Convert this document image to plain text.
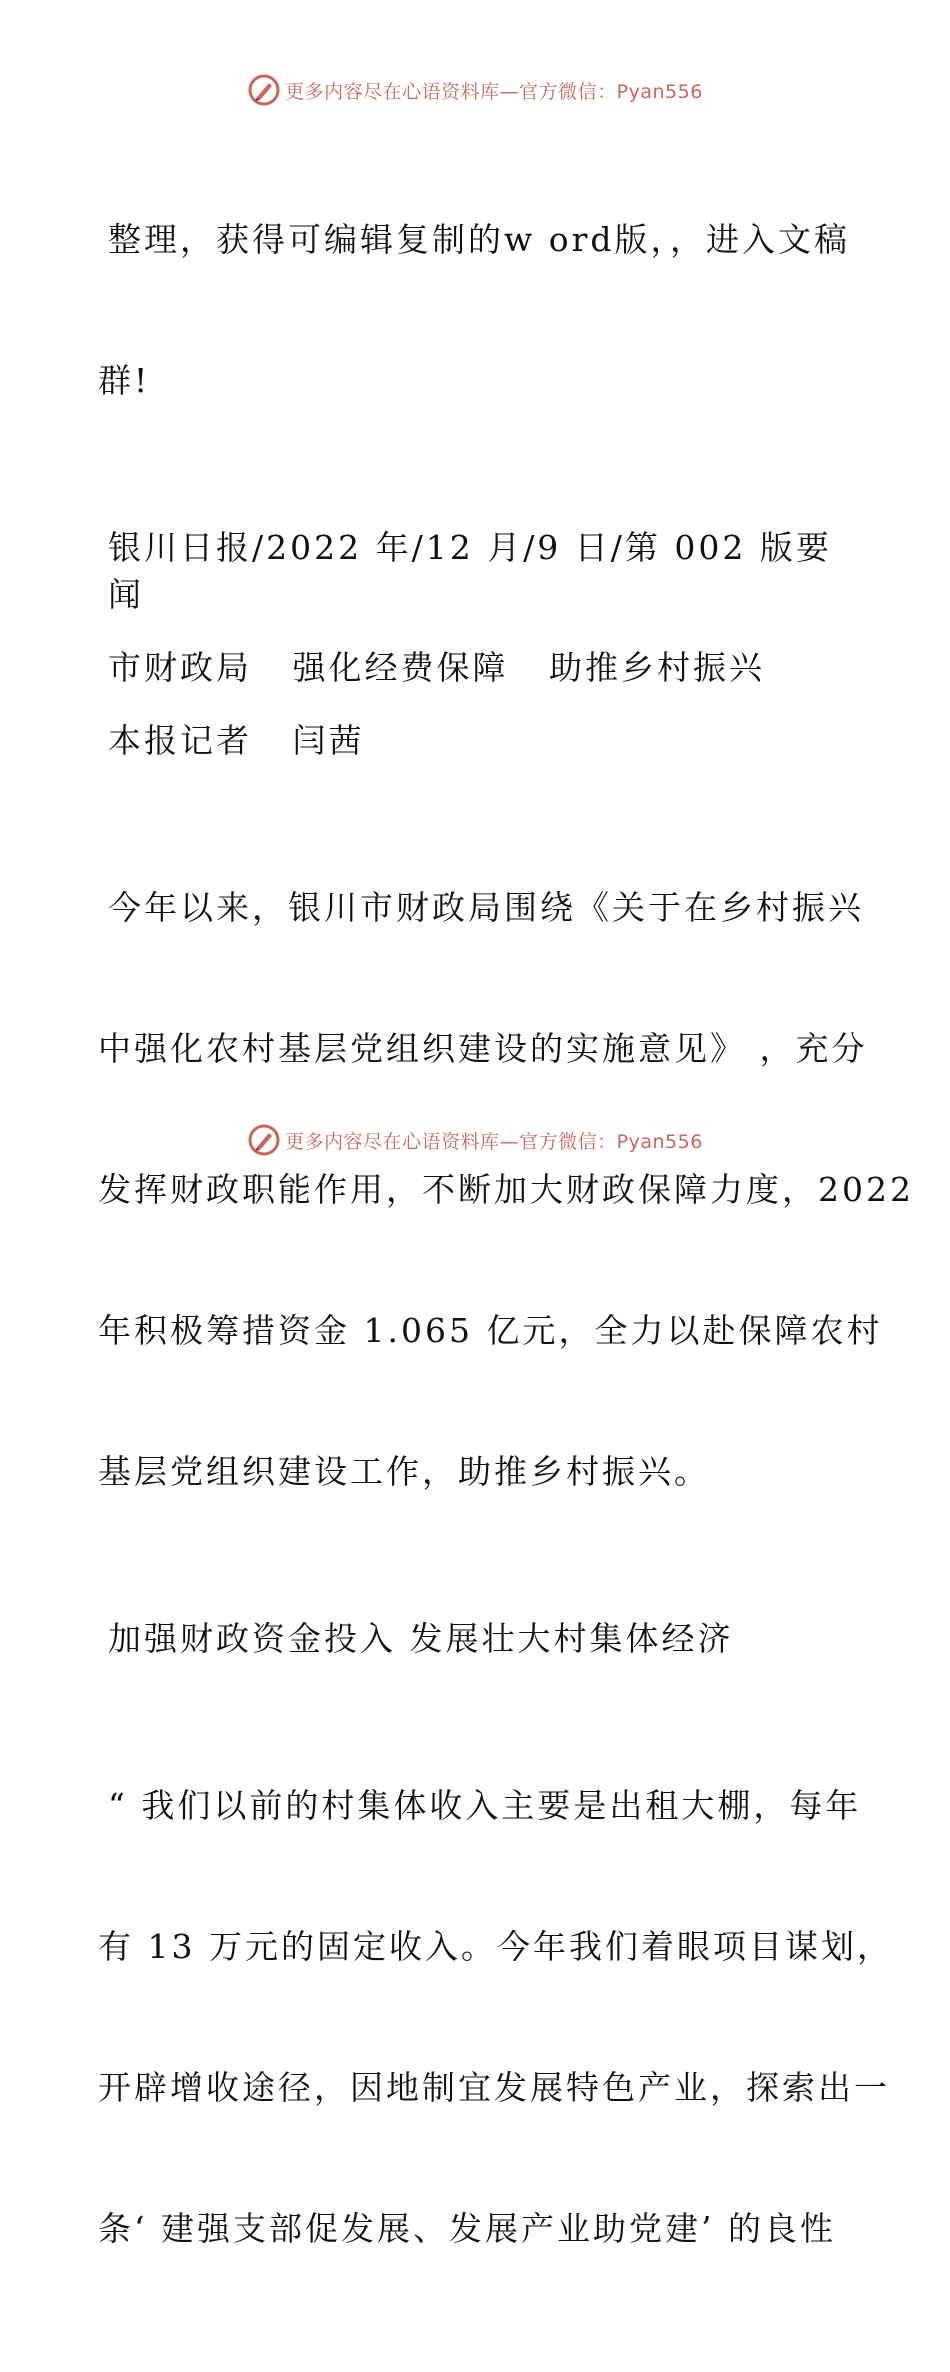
更多内容尽在心语资料库—官方微信：Pyan556

整理，获得可编辑复制的w ord版，，进入文稿

群!

银川日报/2022 年/12 月/9 日/第 002 版要闻

市财政局   强化经费保障   助推乡村振兴

本报记者   闫茜

今年以来，银川市财政局围绕《关于在乡村振兴

中强化农村基层党组织建设的实施意见》 ，充分

发挥财政职能作用，不断加大财政保障力度，2022

年积极筹措资金 1.065 亿元，全力以赴保障农村

基层党组织建设工作，助推乡村振兴。

加强财政资金投入 发展壮大村集体经济

“ 我们以前的村集体收入主要是出租大棚，每年

有 13 万元的固定收入。今年我们着眼项目谋划，

开辟增收途径，因地制宜发展特色产业，探索出一

条‘ 建强支部促发展、发展产业助党建’ 的良性

更多内容尽在心语资料库—官方微信：Pyan556
